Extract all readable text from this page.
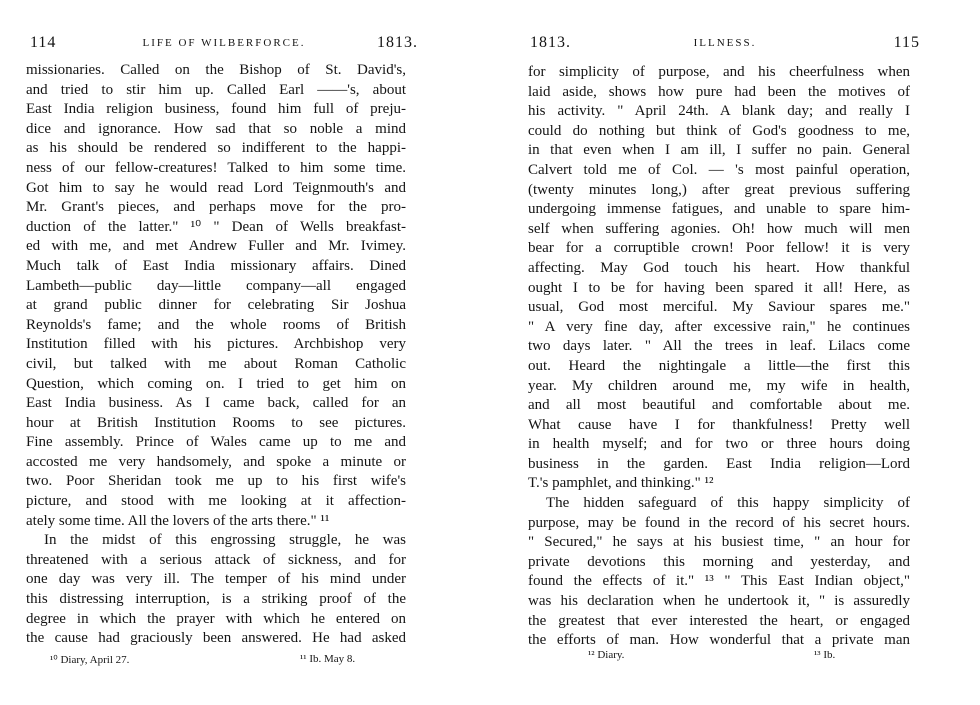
114	LIFE OF WILBERFORCE.	1813.
missionaries. Called on the Bishop of St. David's,
and tried to stir him up. Called Earl ——'s, about
East India religion business, found him full of preju-
dice and ignorance. How sad that so noble a mind
as his should be rendered so indifferent to the happi-
ness of our fellow-creatures! Talked to him some time.
Got him to say he would read Lord Teignmouth's and
Mr. Grant's pieces, and perhaps move for the pro-
duction of the latter." ¹⁰ " Dean of Wells breakfast-
ed with me, and met Andrew Fuller and Mr. Ivimey.
Much talk of East India missionary affairs. Dined
Lambeth—public day—little company—all engaged
at grand public dinner for celebrating Sir Joshua
Reynolds's fame; and the whole rooms of British
Institution filled with his pictures. Archbishop very
civil, but talked with me about Roman Catholic
Question, which coming on. I tried to get him on
East India business. As I came back, called for an
hour at British Institution Rooms to see pictures.
Fine assembly. Prince of Wales came up to me and
accosted me very handsomely, and spoke a minute or
two. Poor Sheridan took me up to his first wife's
picture, and stood with me looking at it affection-
ately some time. All the lovers of the arts there." ¹¹
In the midst of this engrossing struggle, he was
threatened with a serious attack of sickness, and for
one day was very ill. The temper of his mind under
this distressing interruption, is a striking proof of the
degree in which the prayer with which he entered on
the cause had graciously been answered. He had asked
¹⁰ Diary, April 27.	¹¹ Ib. May 8.
1813.	ILLNESS.	115
for simplicity of purpose, and his cheerfulness when
laid aside, shows how pure had been the motives of
his activity. " April 24th. A blank day; and really I
could do nothing but think of God's goodness to me,
in that even when I am ill, I suffer no pain. General
Calvert told me of Col. — 's most painful operation,
(twenty minutes long,) after great previous suffering
undergoing immense fatigues, and unable to spare him-
self when suffering agonies. Oh! how much will men
bear for a corruptible crown! Poor fellow! it is very
affecting. May God touch his heart. How thankful
ought I to be for having been spared it all! Here, as
usual, God most merciful. My Saviour spares me."
" A very fine day, after excessive rain," he continues
two days later. " All the trees in leaf. Lilacs come
out. Heard the nightingale a little—the first this
year. My children around me, my wife in health,
and all most beautiful and comfortable about me.
What cause have I for thankfulness! Pretty well
in health myself; and for two or three hours doing
business in the garden. East India religion—Lord
T.'s pamphlet, and thinking." ¹²
The hidden safeguard of this happy simplicity of
purpose, may be found in the record of his secret hours.
" Secured," he says at his busiest time, " an hour for
private devotions this morning and yesterday, and
found the effects of it." ¹³ " This East Indian object,"
was his declaration when he undertook it, " is assuredly
the greatest that ever interested the heart, or engaged
the efforts of man. How wonderful that a private man
¹² Diary.	¹³ Ib.
